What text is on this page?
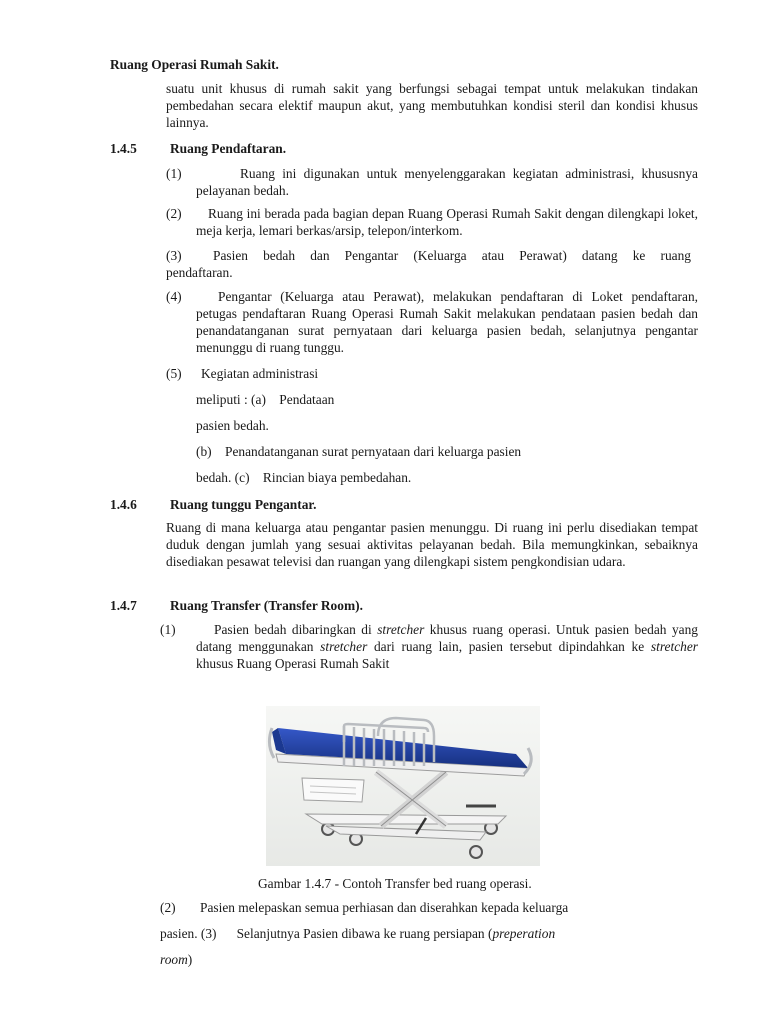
Ruang Operasi Rumah Sakit.
suatu unit khusus di rumah sakit yang berfungsi sebagai tempat untuk melakukan tindakan pembedahan secara elektif maupun akut, yang membutuhkan kondisi steril dan kondisi khusus lainnya.
1.4.5 Ruang Pendaftaran.
(1)	Ruang ini digunakan untuk menyelenggarakan kegiatan administrasi, khususnya pelayanan bedah.
(2)	Ruang ini berada pada bagian depan Ruang Operasi Rumah Sakit dengan dilengkapi loket, meja kerja, lemari berkas/arsip, telepon/interkom.
(3) Pasien bedah dan Pengantar (Keluarga atau Perawat) datang ke ruang
pendaftaran.
(4)	Pengantar (Keluarga atau Perawat), melakukan pendaftaran di Loket pendaftaran, petugas pendaftaran Ruang Operasi Rumah Sakit melakukan pendataan pasien bedah dan penandatanganan surat pernyataan dari keluarga pasien bedah, selanjutnya pengantar menunggu di ruang tunggu.
(5) Kegiatan administrasi
meliputi : (a)    Pendataan
pasien bedah.
(b)    Penandatanganan surat pernyataan dari keluarga pasien
bedah. (c)    Rincian biaya pembedahan.
1.4.6 Ruang tunggu Pengantar.
Ruang di mana keluarga atau pengantar pasien menunggu. Di ruang ini perlu disediakan tempat duduk dengan jumlah yang sesuai aktivitas pelayanan bedah. Bila memungkinkan, sebaiknya disediakan pesawat televisi dan ruangan yang dilengkapi sistem pengkondisian udara.
1.4.7 Ruang Transfer (Transfer Room).
(1)	Pasien bedah dibaringkan di stretcher khusus ruang operasi. Untuk pasien bedah yang datang menggunakan stretcher dari ruang lain, pasien tersebut dipindahkan ke stretcher khusus Ruang Operasi Rumah Sakit
Gambar 1.4.7 - Contoh Transfer bed ruang operasi.
(2) Pasien melepaskan semua perhiasan dan diserahkan kepada keluarga
pasien. (3)      Selanjutnya Pasien dibawa ke ruang persiapan (preperation
room)
